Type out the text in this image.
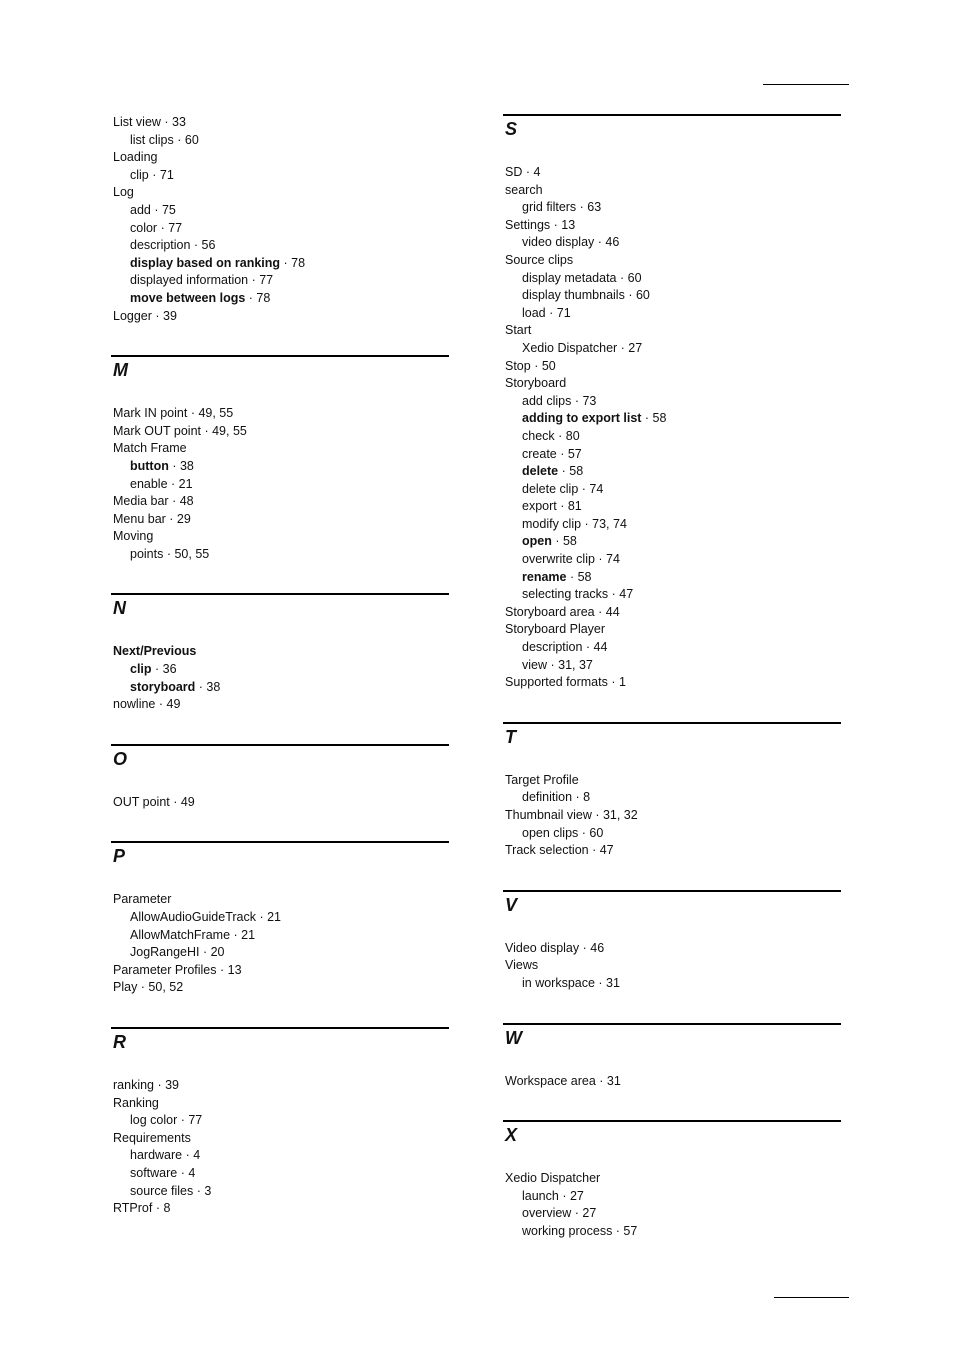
List view · 33
list clips · 60
Loading
clip · 71
Log
add · 75
color · 77
description · 56
display based on ranking · 78
displayed information · 77
move between logs · 78
Logger · 39
M
Mark IN point · 49, 55
Mark OUT point · 49, 55
Match Frame
button · 38
enable · 21
Media bar · 48
Menu bar · 29
Moving
points · 50, 55
N
Next/Previous
clip · 36
storyboard · 38
nowline · 49
O
OUT point · 49
P
Parameter
AllowAudioGuideTrack · 21
AllowMatchFrame · 21
JogRangeHI · 20
Parameter Profiles · 13
Play · 50, 52
R
ranking · 39
Ranking
log color · 77
Requirements
hardware · 4
software · 4
source files · 3
RTProf · 8
S
SD · 4
search
grid filters · 63
Settings · 13
video display · 46
Source clips
display metadata · 60
display thumbnails · 60
load · 71
Start
Xedio Dispatcher · 27
Stop · 50
Storyboard
add clips · 73
adding to export list · 58
check · 80
create · 57
delete · 58
delete clip · 74
export · 81
modify clip · 73, 74
open · 58
overwrite clip · 74
rename · 58
selecting tracks · 47
Storyboard area · 44
Storyboard Player
description · 44
view · 31, 37
Supported formats · 1
T
Target Profile
definition · 8
Thumbnail view · 31, 32
open clips · 60
Track selection · 47
V
Video display · 46
Views
in workspace · 31
W
Workspace area · 31
X
Xedio Dispatcher
launch · 27
overview · 27
working process · 57
